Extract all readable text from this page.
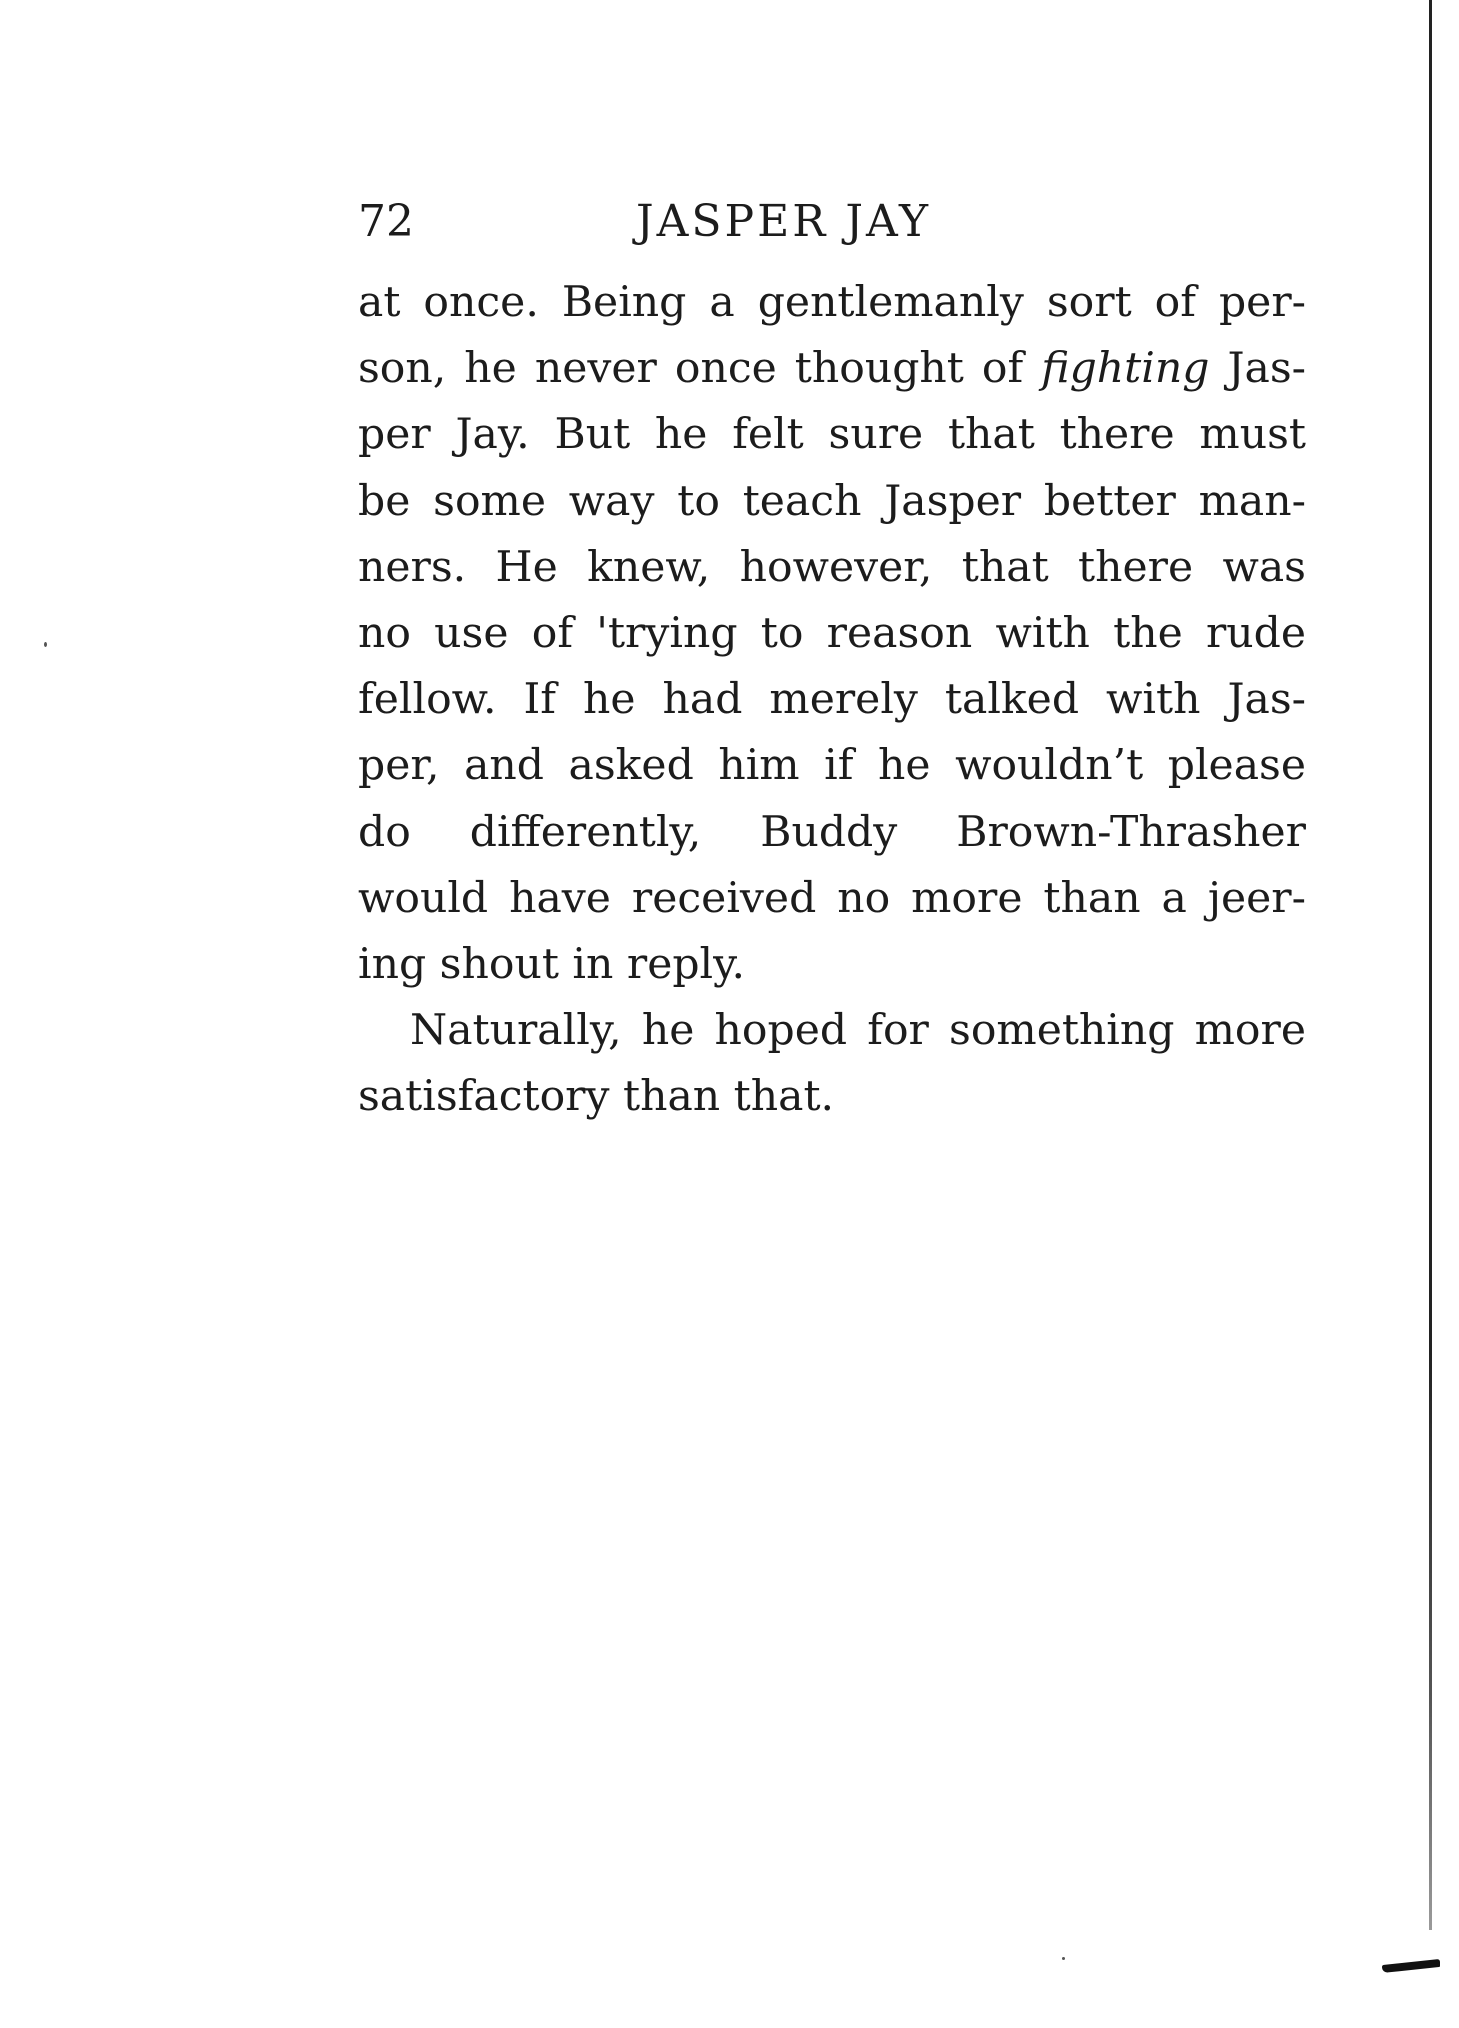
72	JASPER JAY
at once. Being a gentlemanly sort of per-
son, he never once thought of fighting Jas-
per Jay. But he felt sure that there must
be some way to teach Jasper better man-
ners. He knew, however, that there was
no use of 'trying to reason with the rude
fellow. If he had merely talked with Jas-
per, and asked him if he wouldn’t please
do differently, Buddy Brown-Thrasher
would have received no more than a jeer-
ing shout in reply.
Naturally, he hoped for something more
satisfactory than that.
